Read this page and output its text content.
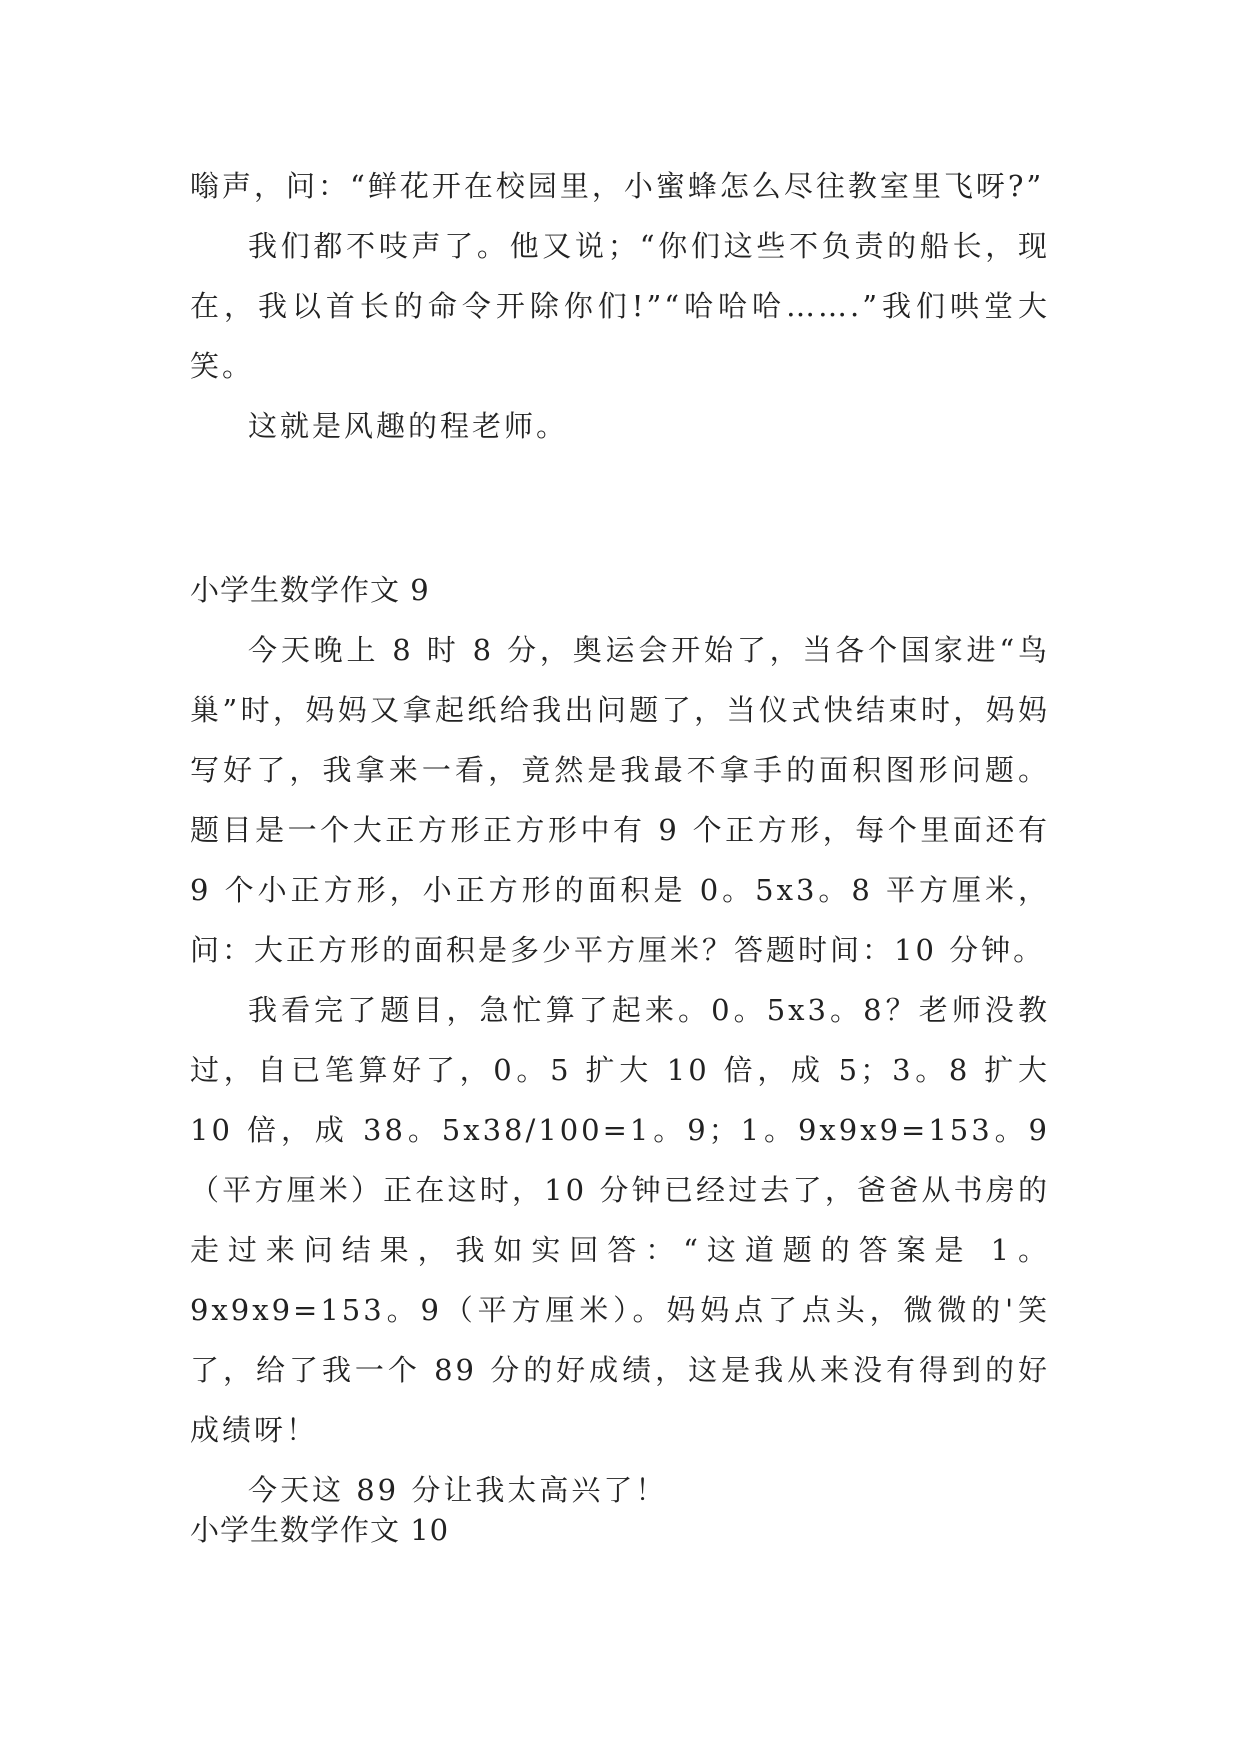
嗡声，问：“鲜花开在校园里，小蜜蜂怎么尽往教室里飞呀?”

我们都不吱声了。他又说；“你们这些不负责的船长，现在，我以首长的命令开除你们!”“哈哈哈…….”我们哄堂大笑。

这就是风趣的程老师。

小学生数学作文 9

今天晚上 8 时 8 分，奥运会开始了，当各个国家进“鸟巢”时，妈妈又拿起纸给我出问题了，当仪式快结束时，妈妈写好了，我拿来一看，竟然是我最不拿手的面积图形问题。题目是一个大正方形正方形中有 9 个正方形，每个里面还有 9 个小正方形，小正方形的面积是 0。5x3。8 平方厘米，问：大正方形的面积是多少平方厘米？答题时间：10 分钟。

我看完了题目，急忙算了起来。0。5x3。8？老师没教过，自已笔算好了，0。5 扩大 10 倍，成 5；3。8 扩大 10 倍，成 38。5x38/100=1。9；1。9x9x9=153。9（平方厘米）正在这时，10 分钟已经过去了，爸爸从书房的走过来问结果，我如实回答：“这道题的答案是 1。9x9x9=153。9（平方厘米）。妈妈点了点头，微微的'笑了，给了我一个 89 分的好成绩，这是我从来没有得到的好成绩呀！

今天这 89 分让我太高兴了！

小学生数学作文 10
